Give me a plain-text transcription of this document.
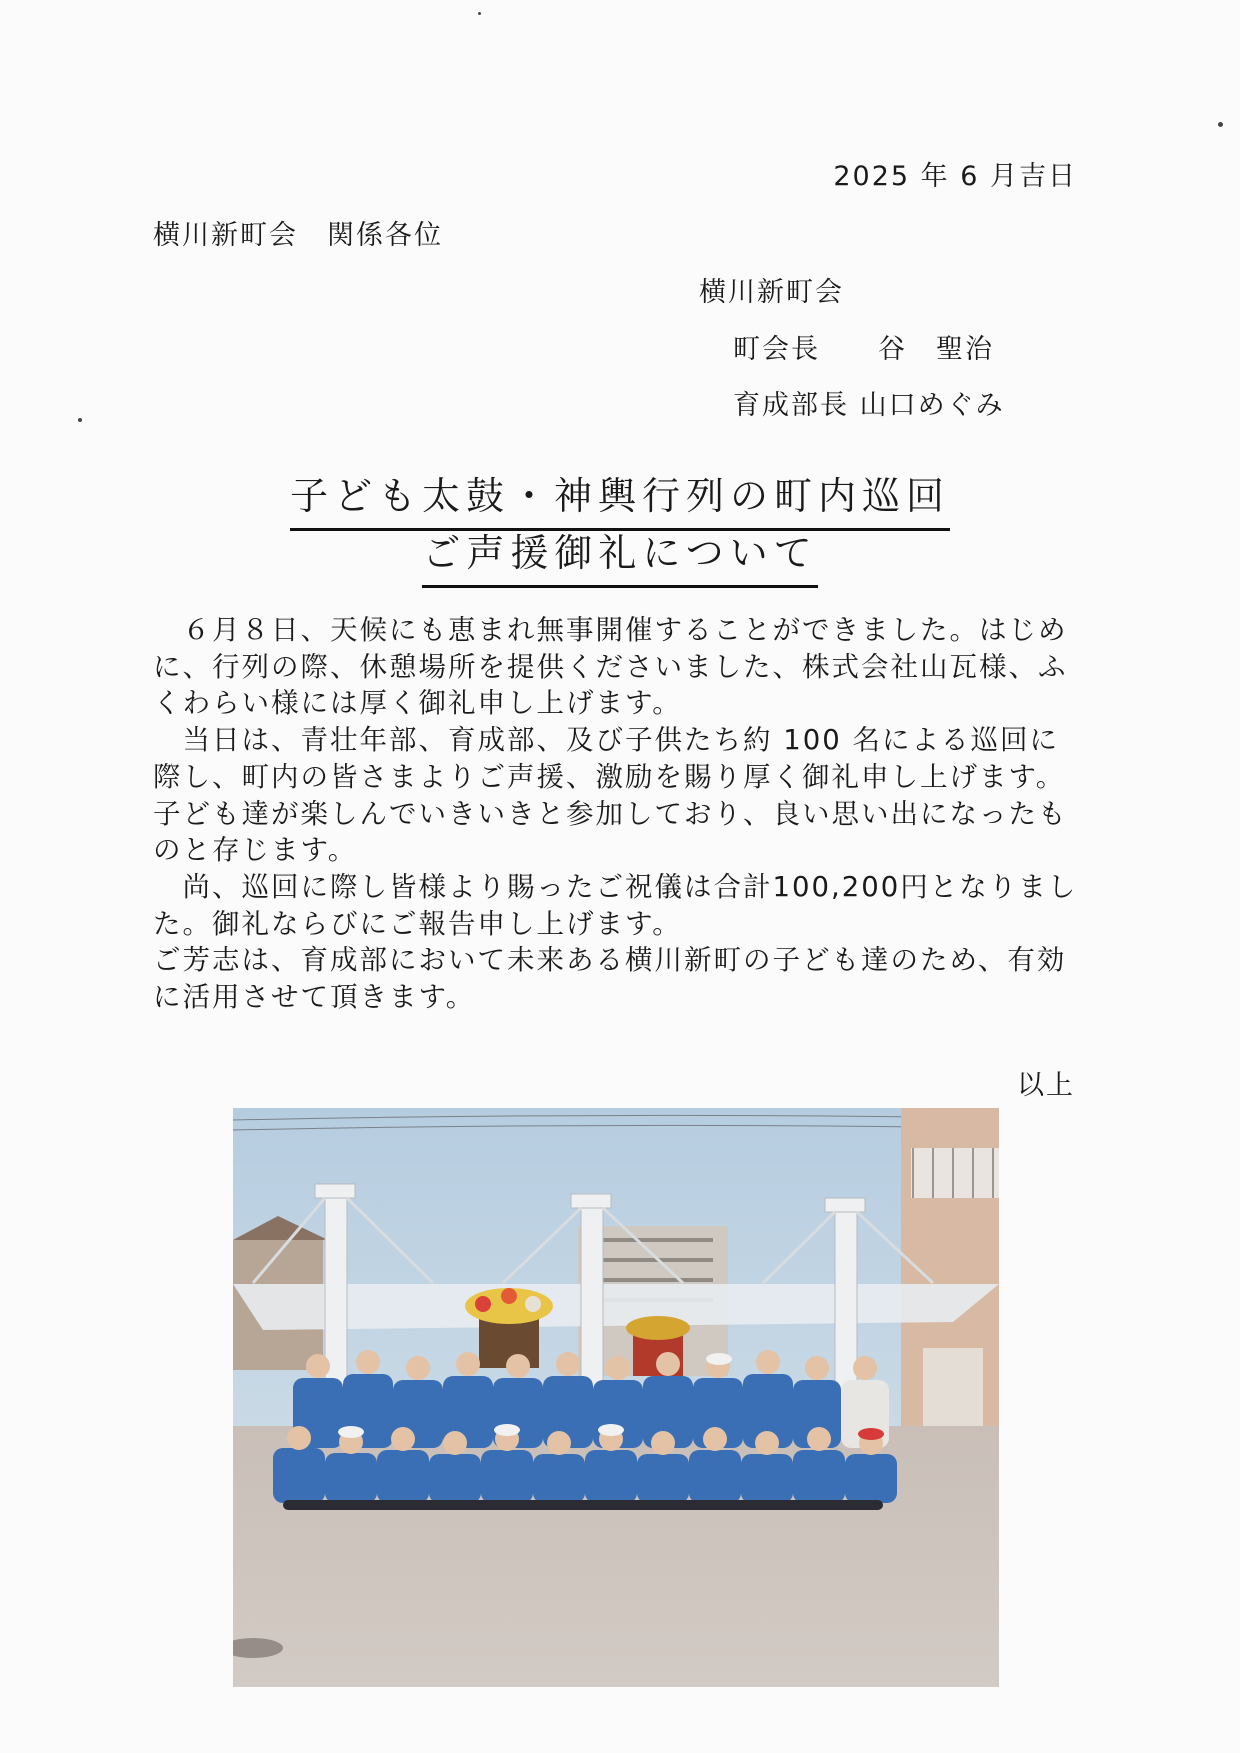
2025 年 6 月吉日
横川新町会　関係各位
横川新町会
町会長　　谷　聖治
育成部長 山口めぐみ
子ども太鼓・神輿行列の町内巡回
ご声援御礼について

　６月８日、天候にも恵まれ無事開催することができました。はじめに、行列の際、休憩場所を提供くださいました、株式会社山瓦様、ふくわらい様には厚く御礼申し上げます。

　当日は、青壮年部、育成部、及び子供たち約 100 名による巡回に際し、町内の皆さまよりご声援、激励を賜り厚く御礼申し上げます。子ども達が楽しんでいきいきと参加しており、良い思い出になったものと存じます。

　尚、巡回に際し皆様より賜ったご祝儀は合計100,200円となりました。御礼ならびにご報告申し上げます。

ご芳志は、育成部において未来ある横川新町の子ども達のため、有効に活用させて頂きます。

以上
